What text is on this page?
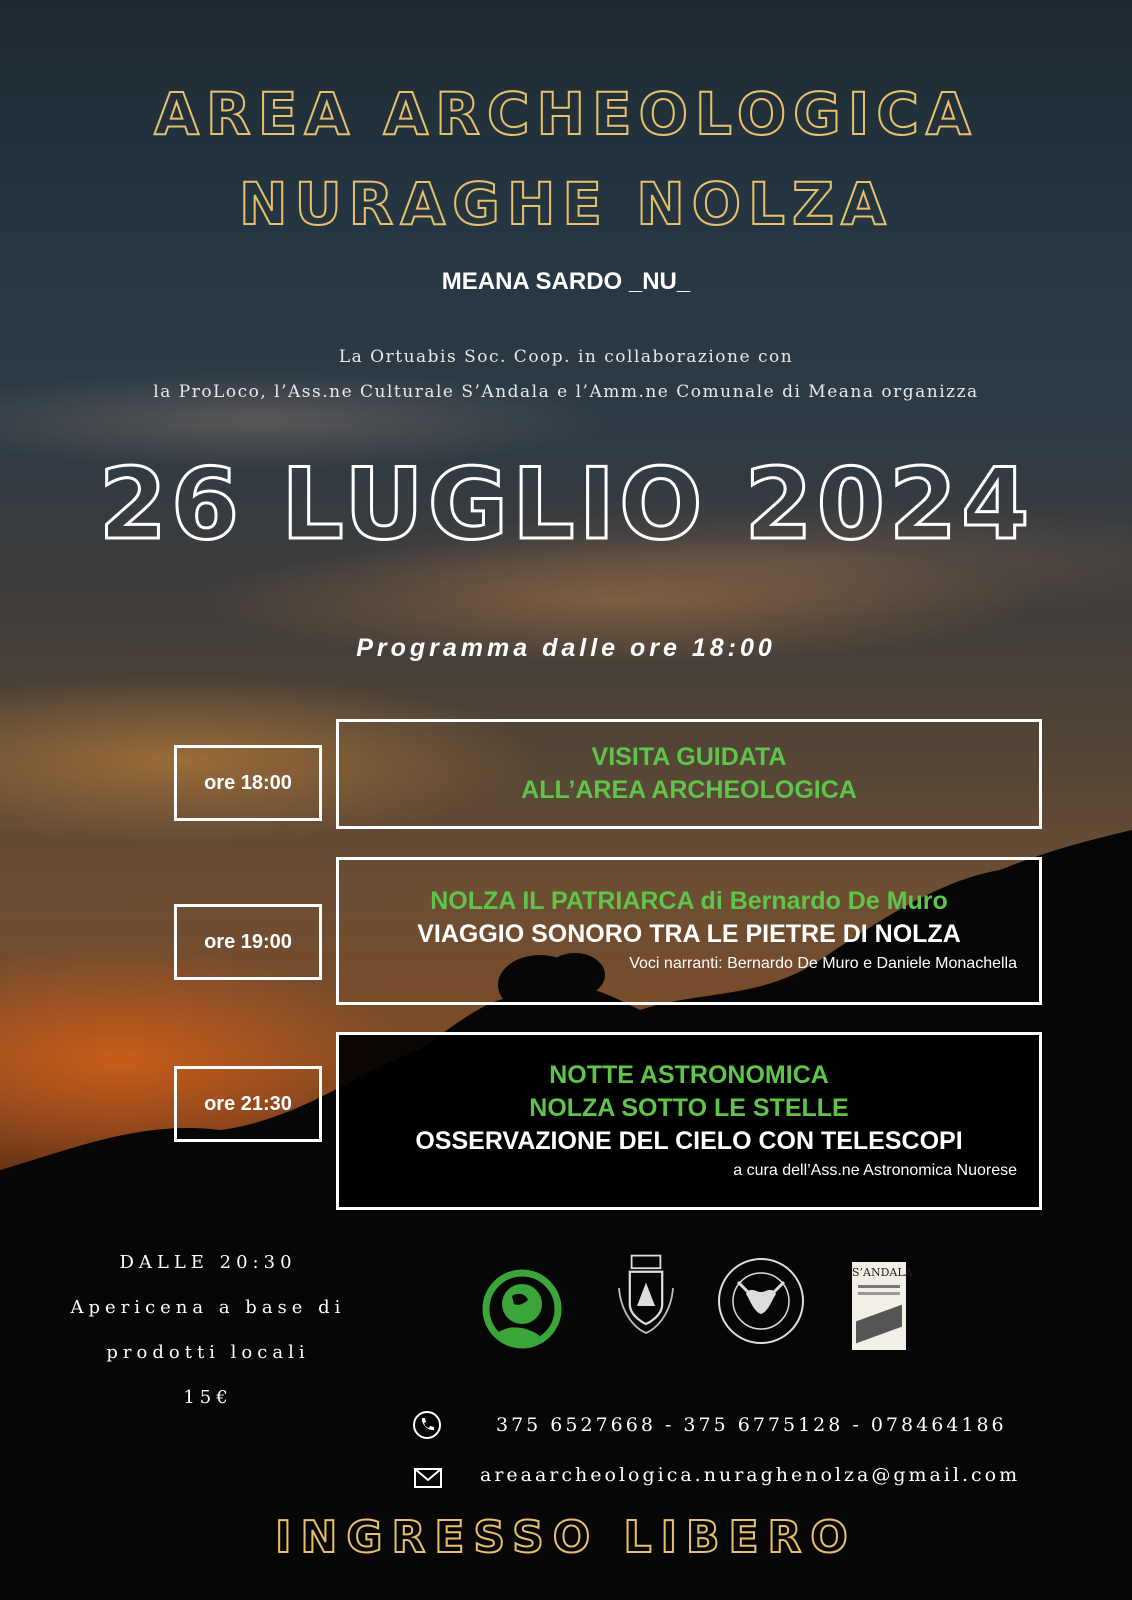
AREA ARCHEOLOGICA
NURAGHE NOLZA
MEANA SARDO _NU_
La Ortuabis Soc. Coop. in collaborazione con
la ProLoco, l’Ass.ne Culturale S’Andala e l’Amm.ne Comunale di Meana organizza
26 LUGLIO 2024
Programma dalle ore 18:00
ore 18:00
VISITA GUIDATA
ALL’AREA ARCHEOLOGICA
ore 19:00
NOLZA IL PATRIARCA di Bernardo De Muro
VIAGGIO SONORO TRA LE PIETRE DI NOLZA
Voci narranti: Bernardo De Muro e Daniele Monachella
ore 21:30
NOTTE ASTRONOMICA
NOLZA SOTTO LE STELLE
OSSERVAZIONE DEL CIELO CON TELESCOPI
a cura dell’Ass.ne Astronomica Nuorese
DALLE 20:30
Apericena a base di
prodotti locali
15€
S’ANDALA
375 6527668 - 375 6775128 - 078464186
areaarcheologica.nuraghenolza@gmail.com
INGRESSO LIBERO
